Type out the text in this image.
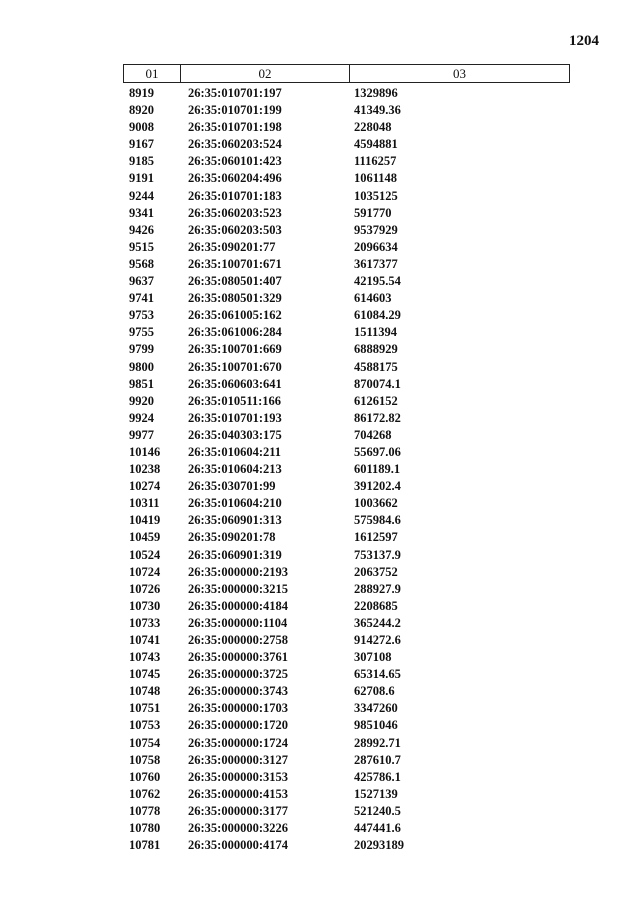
1204
01	02	03
8919	26:35:010701:197	1329896
8920	26:35:010701:199	41349.36
9008	26:35:010701:198	228048
9167	26:35:060203:524	4594881
9185	26:35:060101:423	1116257
9191	26:35:060204:496	1061148
9244	26:35:010701:183	1035125
9341	26:35:060203:523	591770
9426	26:35:060203:503	9537929
9515	26:35:090201:77	2096634
9568	26:35:100701:671	3617377
9637	26:35:080501:407	42195.54
9741	26:35:080501:329	614603
9753	26:35:061005:162	61084.29
9755	26:35:061006:284	1511394
9799	26:35:100701:669	6888929
9800	26:35:100701:670	4588175
9851	26:35:060603:641	870074.1
9920	26:35:010511:166	6126152
9924	26:35:010701:193	86172.82
9977	26:35:040303:175	704268
10146	26:35:010604:211	55697.06
10238	26:35:010604:213	601189.1
10274	26:35:030701:99	391202.4
10311	26:35:010604:210	1003662
10419	26:35:060901:313	575984.6
10459	26:35:090201:78	1612597
10524	26:35:060901:319	753137.9
10724	26:35:000000:2193	2063752
10726	26:35:000000:3215	288927.9
10730	26:35:000000:4184	2208685
10733	26:35:000000:1104	365244.2
10741	26:35:000000:2758	914272.6
10743	26:35:000000:3761	307108
10745	26:35:000000:3725	65314.65
10748	26:35:000000:3743	62708.6
10751	26:35:000000:1703	3347260
10753	26:35:000000:1720	9851046
10754	26:35:000000:1724	28992.71
10758	26:35:000000:3127	287610.7
10760	26:35:000000:3153	425786.1
10762	26:35:000000:4153	1527139
10778	26:35:000000:3177	521240.5
10780	26:35:000000:3226	447441.6
10781	26:35:000000:4174	20293189
